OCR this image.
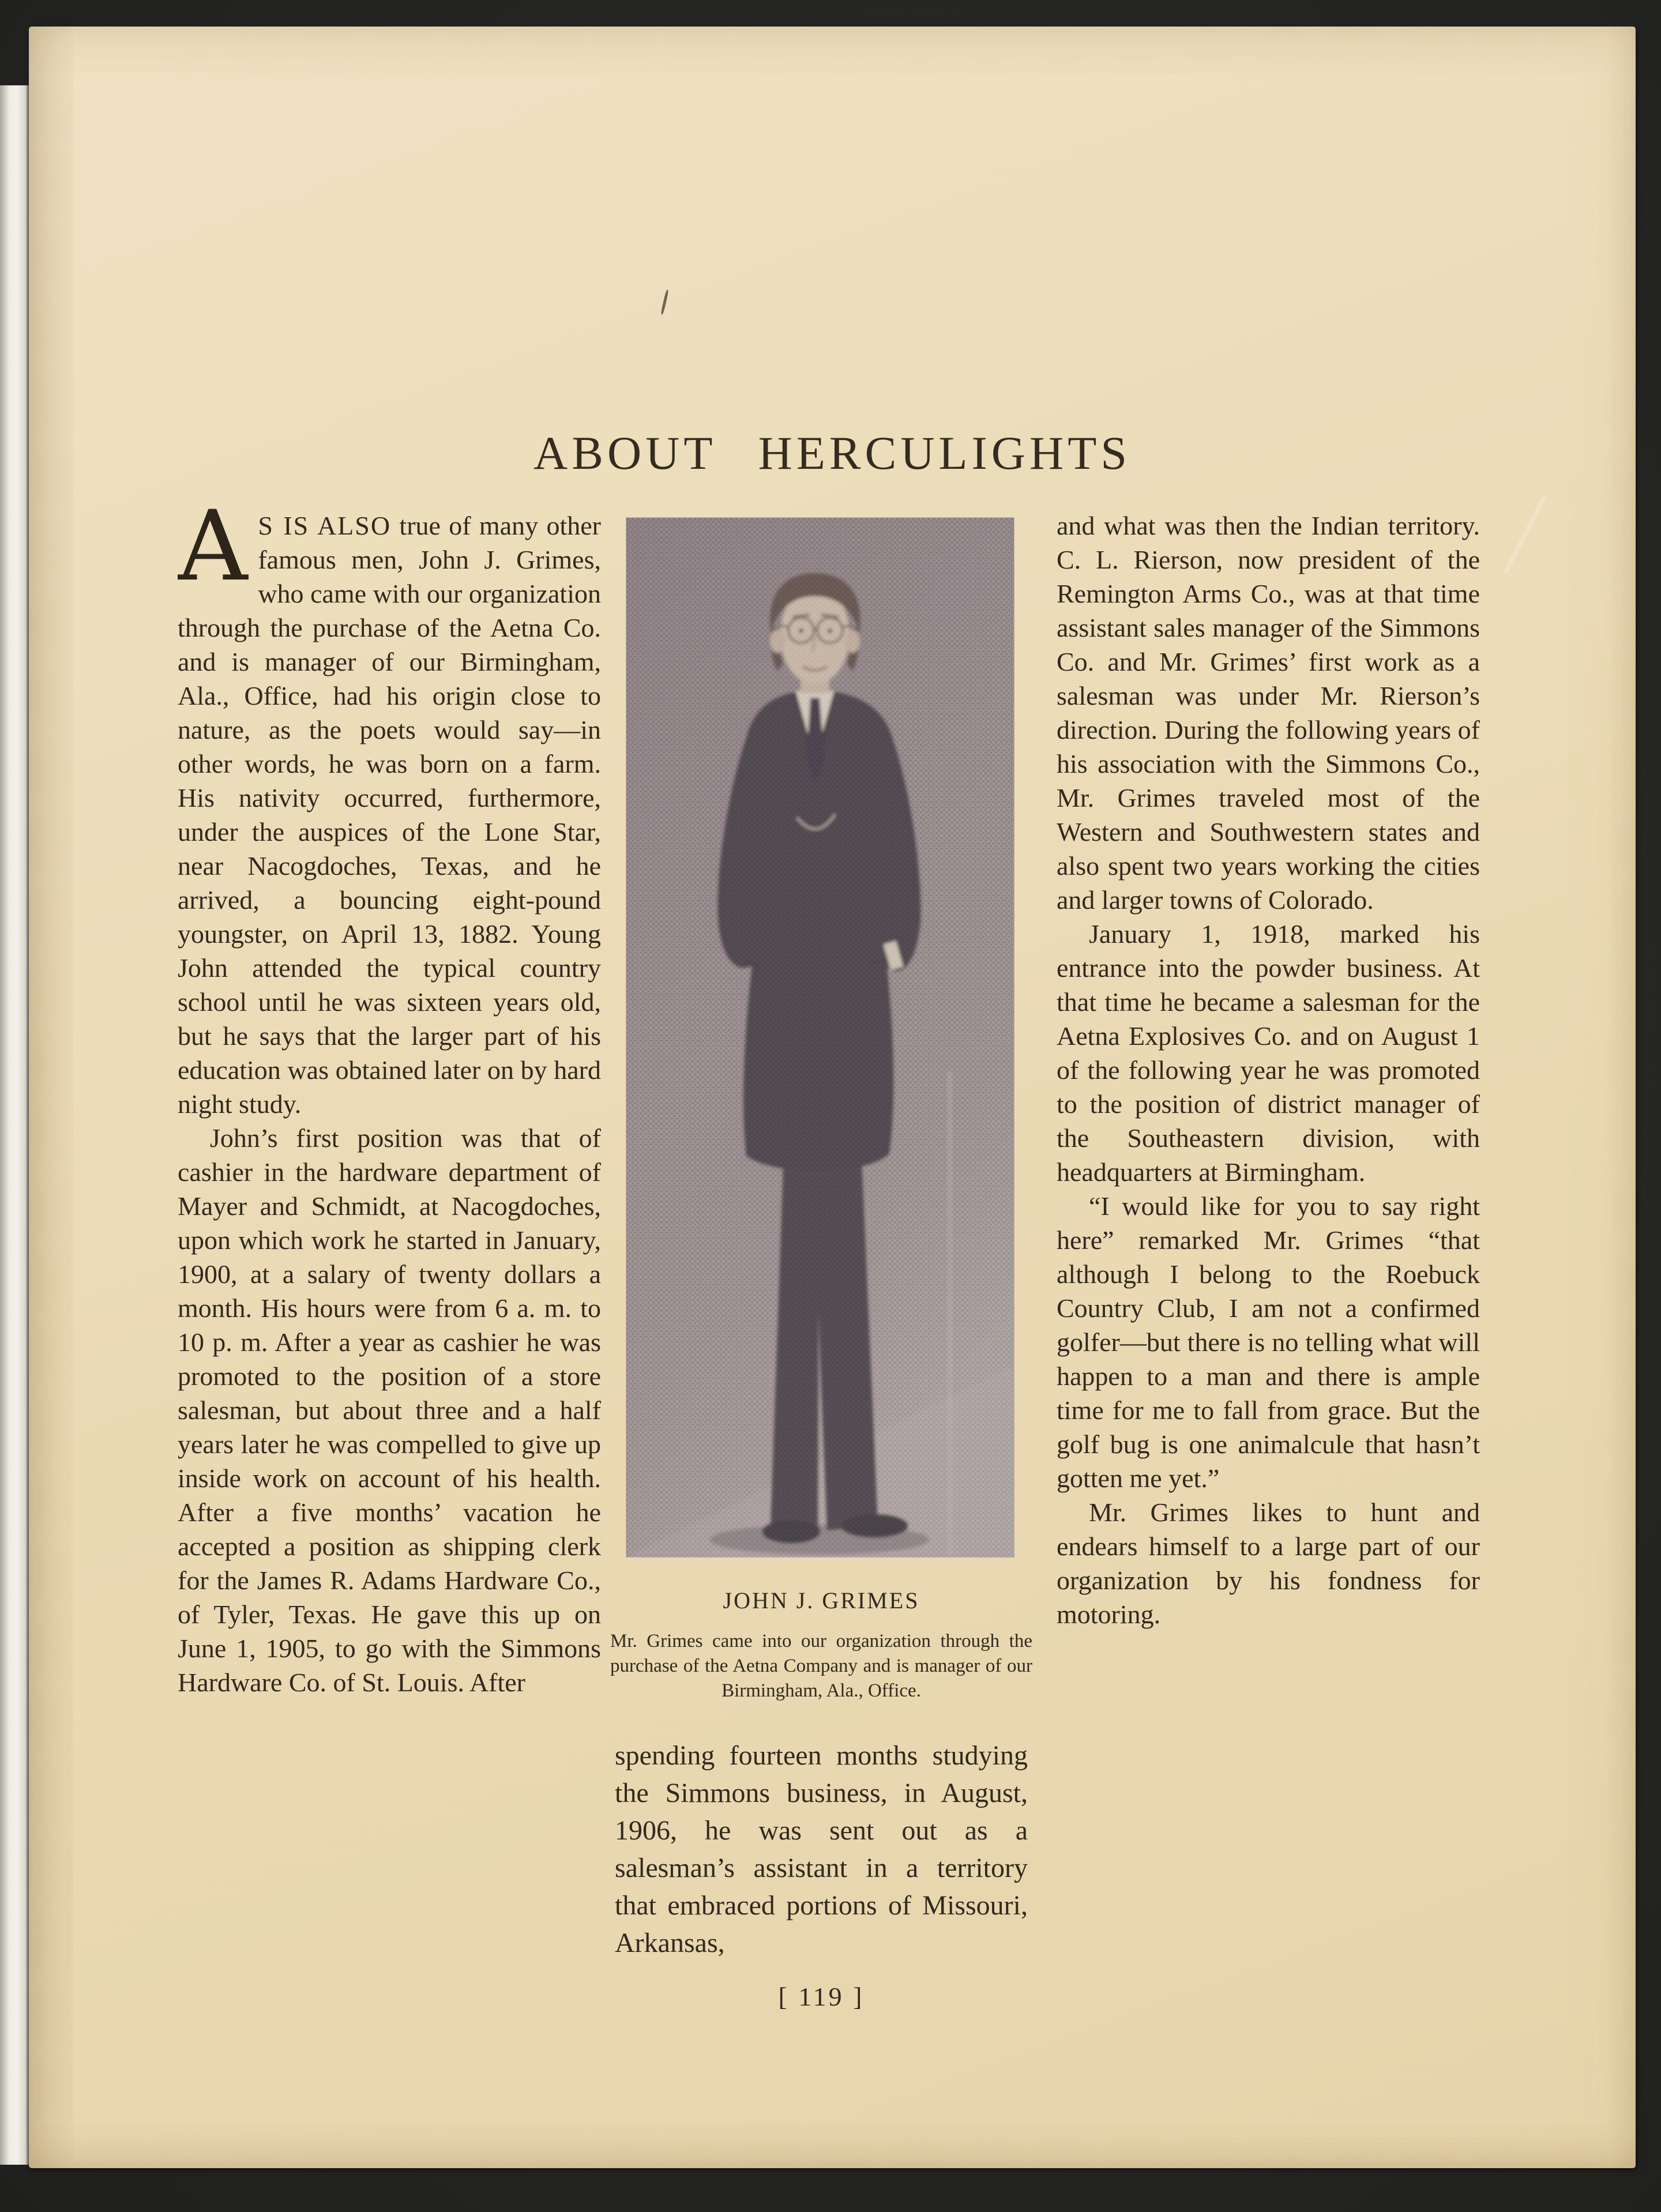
ABOUT HERCULIGHTS

A S IS ALSO true of many other famous men, John J. Grimes, who came with our organization through the purchase of the Aetna Co. and is manager of our Birmingham, Ala., Office, had his origin close to nature, as the poets would say—in other words, he was born on a farm. His nativity occurred, furthermore, under the auspices of the Lone Star, near Nacogdoches, Texas, and he arrived, a bouncing eight-pound youngster, on April 13, 1882. Young John attended the typical country school until he was sixteen years old, but he says that the larger part of his education was obtained later on by hard night study.

John’s first position was that of cashier in the hardware department of Mayer and Schmidt, at Nacogdoches, upon which work he started in January, 1900, at a salary of twenty dollars a month. His hours were from 6 a. m. to 10 p. m. After a year as cashier he was promoted to the position of a store salesman, but about three and a half years later he was compelled to give up inside work on account of his health. After a five months’ vacation he accepted a position as shipping clerk for the James R. Adams Hardware Co., of Tyler, Texas. He gave this up on June 1, 1905, to go with the Simmons Hardware Co. of St. Louis. After

JOHN J. GRIMES
Mr. Grimes came into our organization through the purchase of the Aetna Company and is manager of our Birmingham, Ala., Office.

spending fourteen months studying the Simmons business, in August, 1906, he was sent out as a salesman’s assistant in a territory that embraced portions of Missouri, Arkansas,

and what was then the Indian territory. C. L. Rierson, now president of the Remington Arms Co., was at that time assistant sales manager of the Simmons Co. and Mr. Grimes’ first work as a salesman was under Mr. Rierson’s direction. During the following years of his association with the Simmons Co., Mr. Grimes traveled most of the Western and Southwestern states and also spent two years working the cities and larger towns of Colorado.

January 1, 1918, marked his entrance into the powder business. At that time he became a salesman for the Aetna Explosives Co. and on August 1 of the following year he was promoted to the position of district manager of the Southeastern division, with headquarters at Birmingham.

“I would like for you to say right here” remarked Mr. Grimes “that although I belong to the Roebuck Country Club, I am not a confirmed golfer—but there is no telling what will happen to a man and there is ample time for me to fall from grace. But the golf bug is one animalcule that hasn’t gotten me yet.”

Mr. Grimes likes to hunt and endears himself to a large part of our organization by his fondness for motoring.

[ 119 ]
